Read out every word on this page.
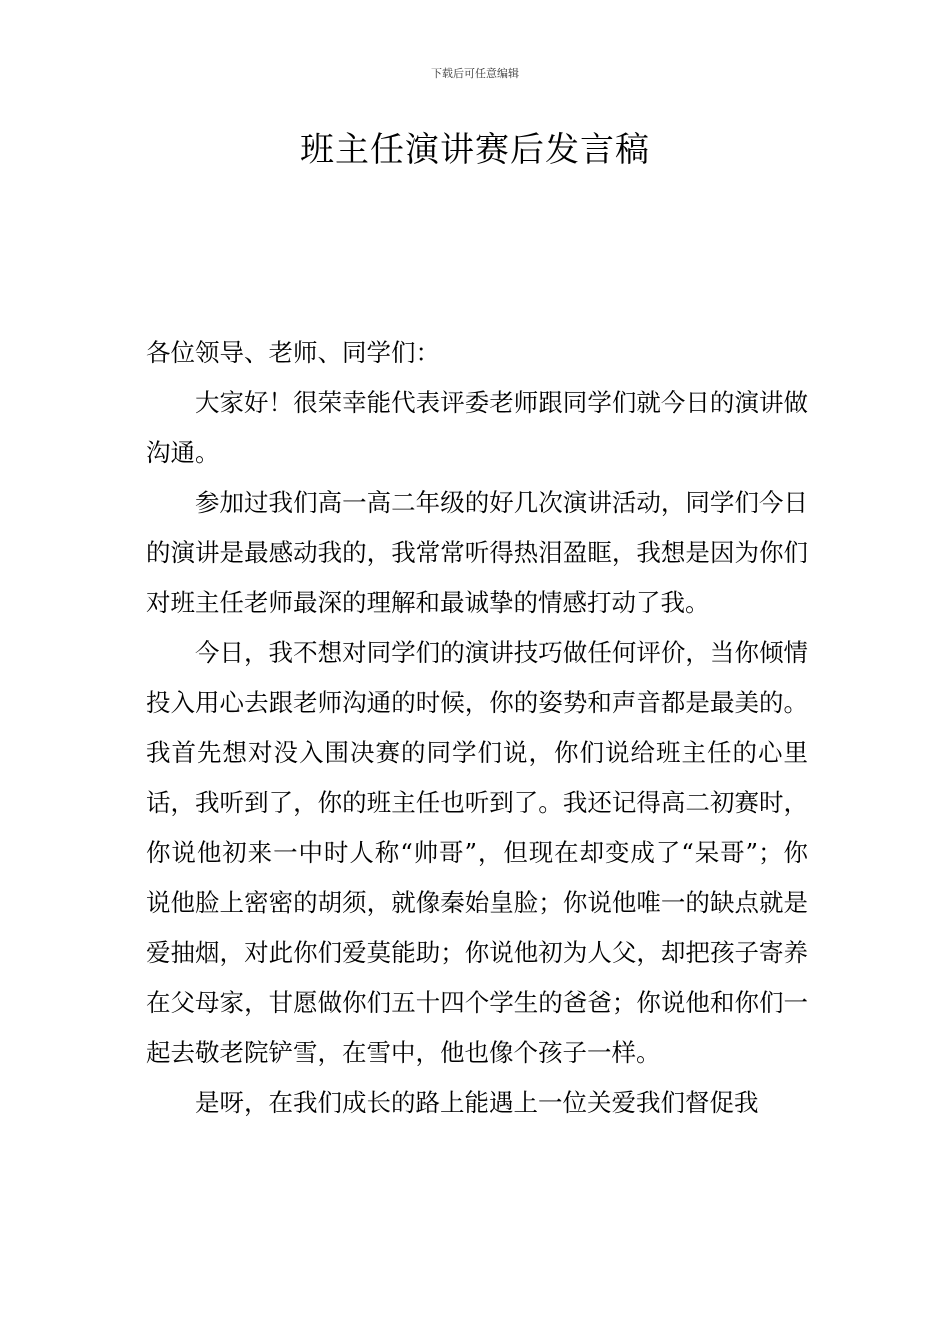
下载后可任意编辑
班主任演讲赛后发言稿

各位领导、老师、同学们：

大家好！很荣幸能代表评委老师跟同学们就今日的演讲做沟通。

参加过我们高一高二年级的好几次演讲活动，同学们今日的演讲是最感动我的，我常常听得热泪盈眶，我想是因为你们对班主任老师最深的理解和最诚挚的情感打动了我。

今日，我不想对同学们的演讲技巧做任何评价，当你倾情投入用心去跟老师沟通的时候，你的姿势和声音都是最美的。我首先想对没入围决赛的同学们说，你们说给班主任的心里话，我听到了，你的班主任也听到了。我还记得高二初赛时，你说他初来一中时人称“帅哥”，但现在却变成了“呆哥”；你说他脸上密密的胡须，就像秦始皇脸；你说他唯一的缺点就是爱抽烟，对此你们爱莫能助；你说他初为人父，却把孩子寄养在父母家，甘愿做你们五十四个学生的爸爸；你说他和你们一起去敬老院铲雪，在雪中，他也像个孩子一样。

是呀，在我们成长的路上能遇上一位关爱我们督促我
